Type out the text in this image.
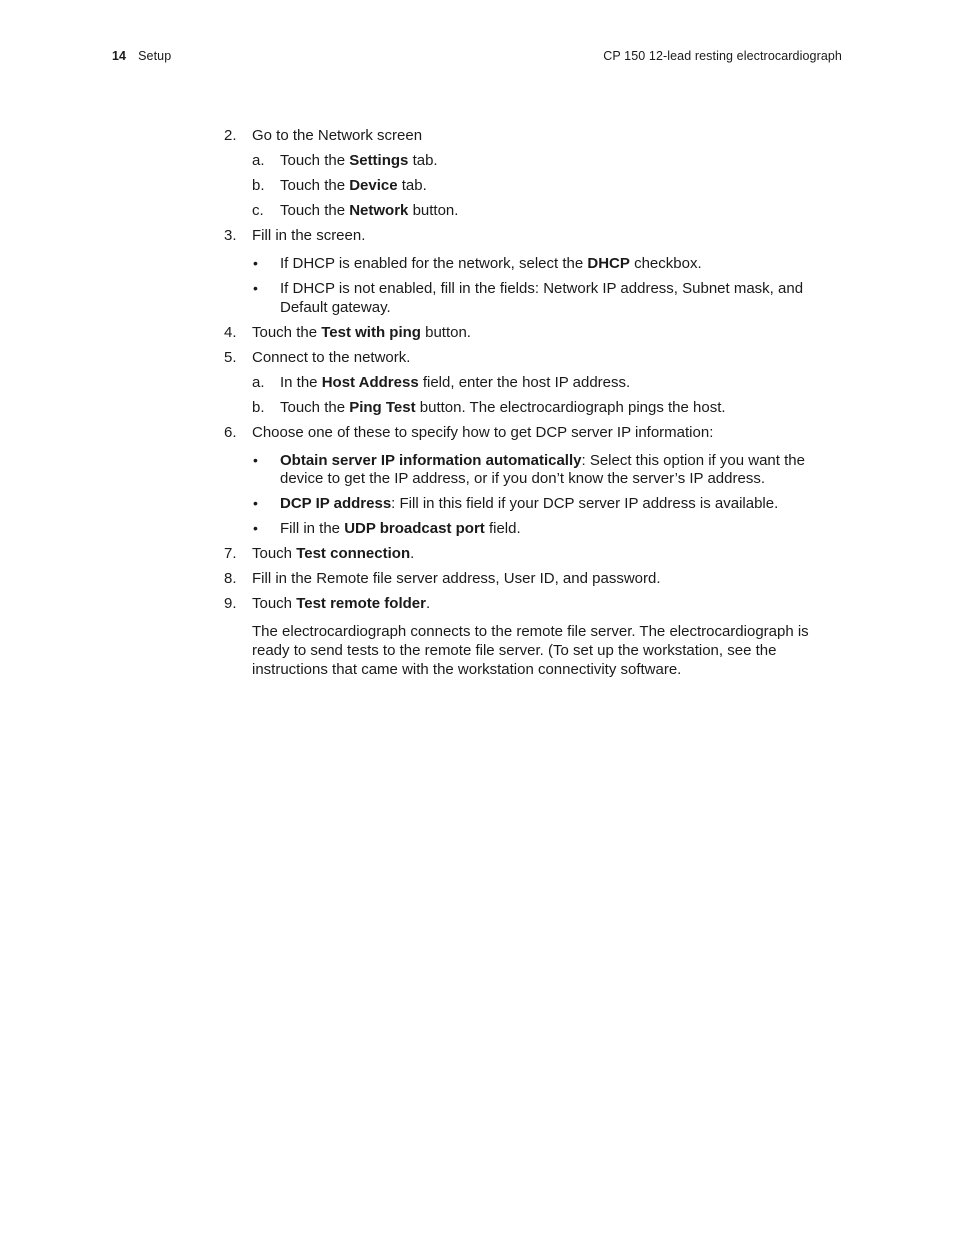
14 Setup	CP 150 12-lead resting electrocardiograph
2. Go to the Network screen
a. Touch the Settings tab.
b. Touch the Device tab.
c. Touch the Network button.
3. Fill in the screen.
• If DHCP is enabled for the network, select the DHCP checkbox.
• If DHCP is not enabled, fill in the fields: Network IP address, Subnet mask, and
Default gateway.
4. Touch the Test with ping button.
5. Connect to the network.
a. In the Host Address field, enter the host IP address.
b. Touch the Ping Test button. The electrocardiograph pings the host.
6. Choose one of these to specify how to get DCP server IP information:
• Obtain server IP information automatically: Select this option if you want the
device to get the IP address, or if you don’t know the server’s IP address.
• DCP IP address: Fill in this field if your DCP server IP address is available.
• Fill in the UDP broadcast port field.
7. Touch Test connection.
8. Fill in the Remote file server address, User ID, and password.
9. Touch Test remote folder.
The electrocardiograph connects to the remote file server. The electrocardiograph is
ready to send tests to the remote file server. (To set up the workstation, see the
instructions that came with the workstation connectivity software.
